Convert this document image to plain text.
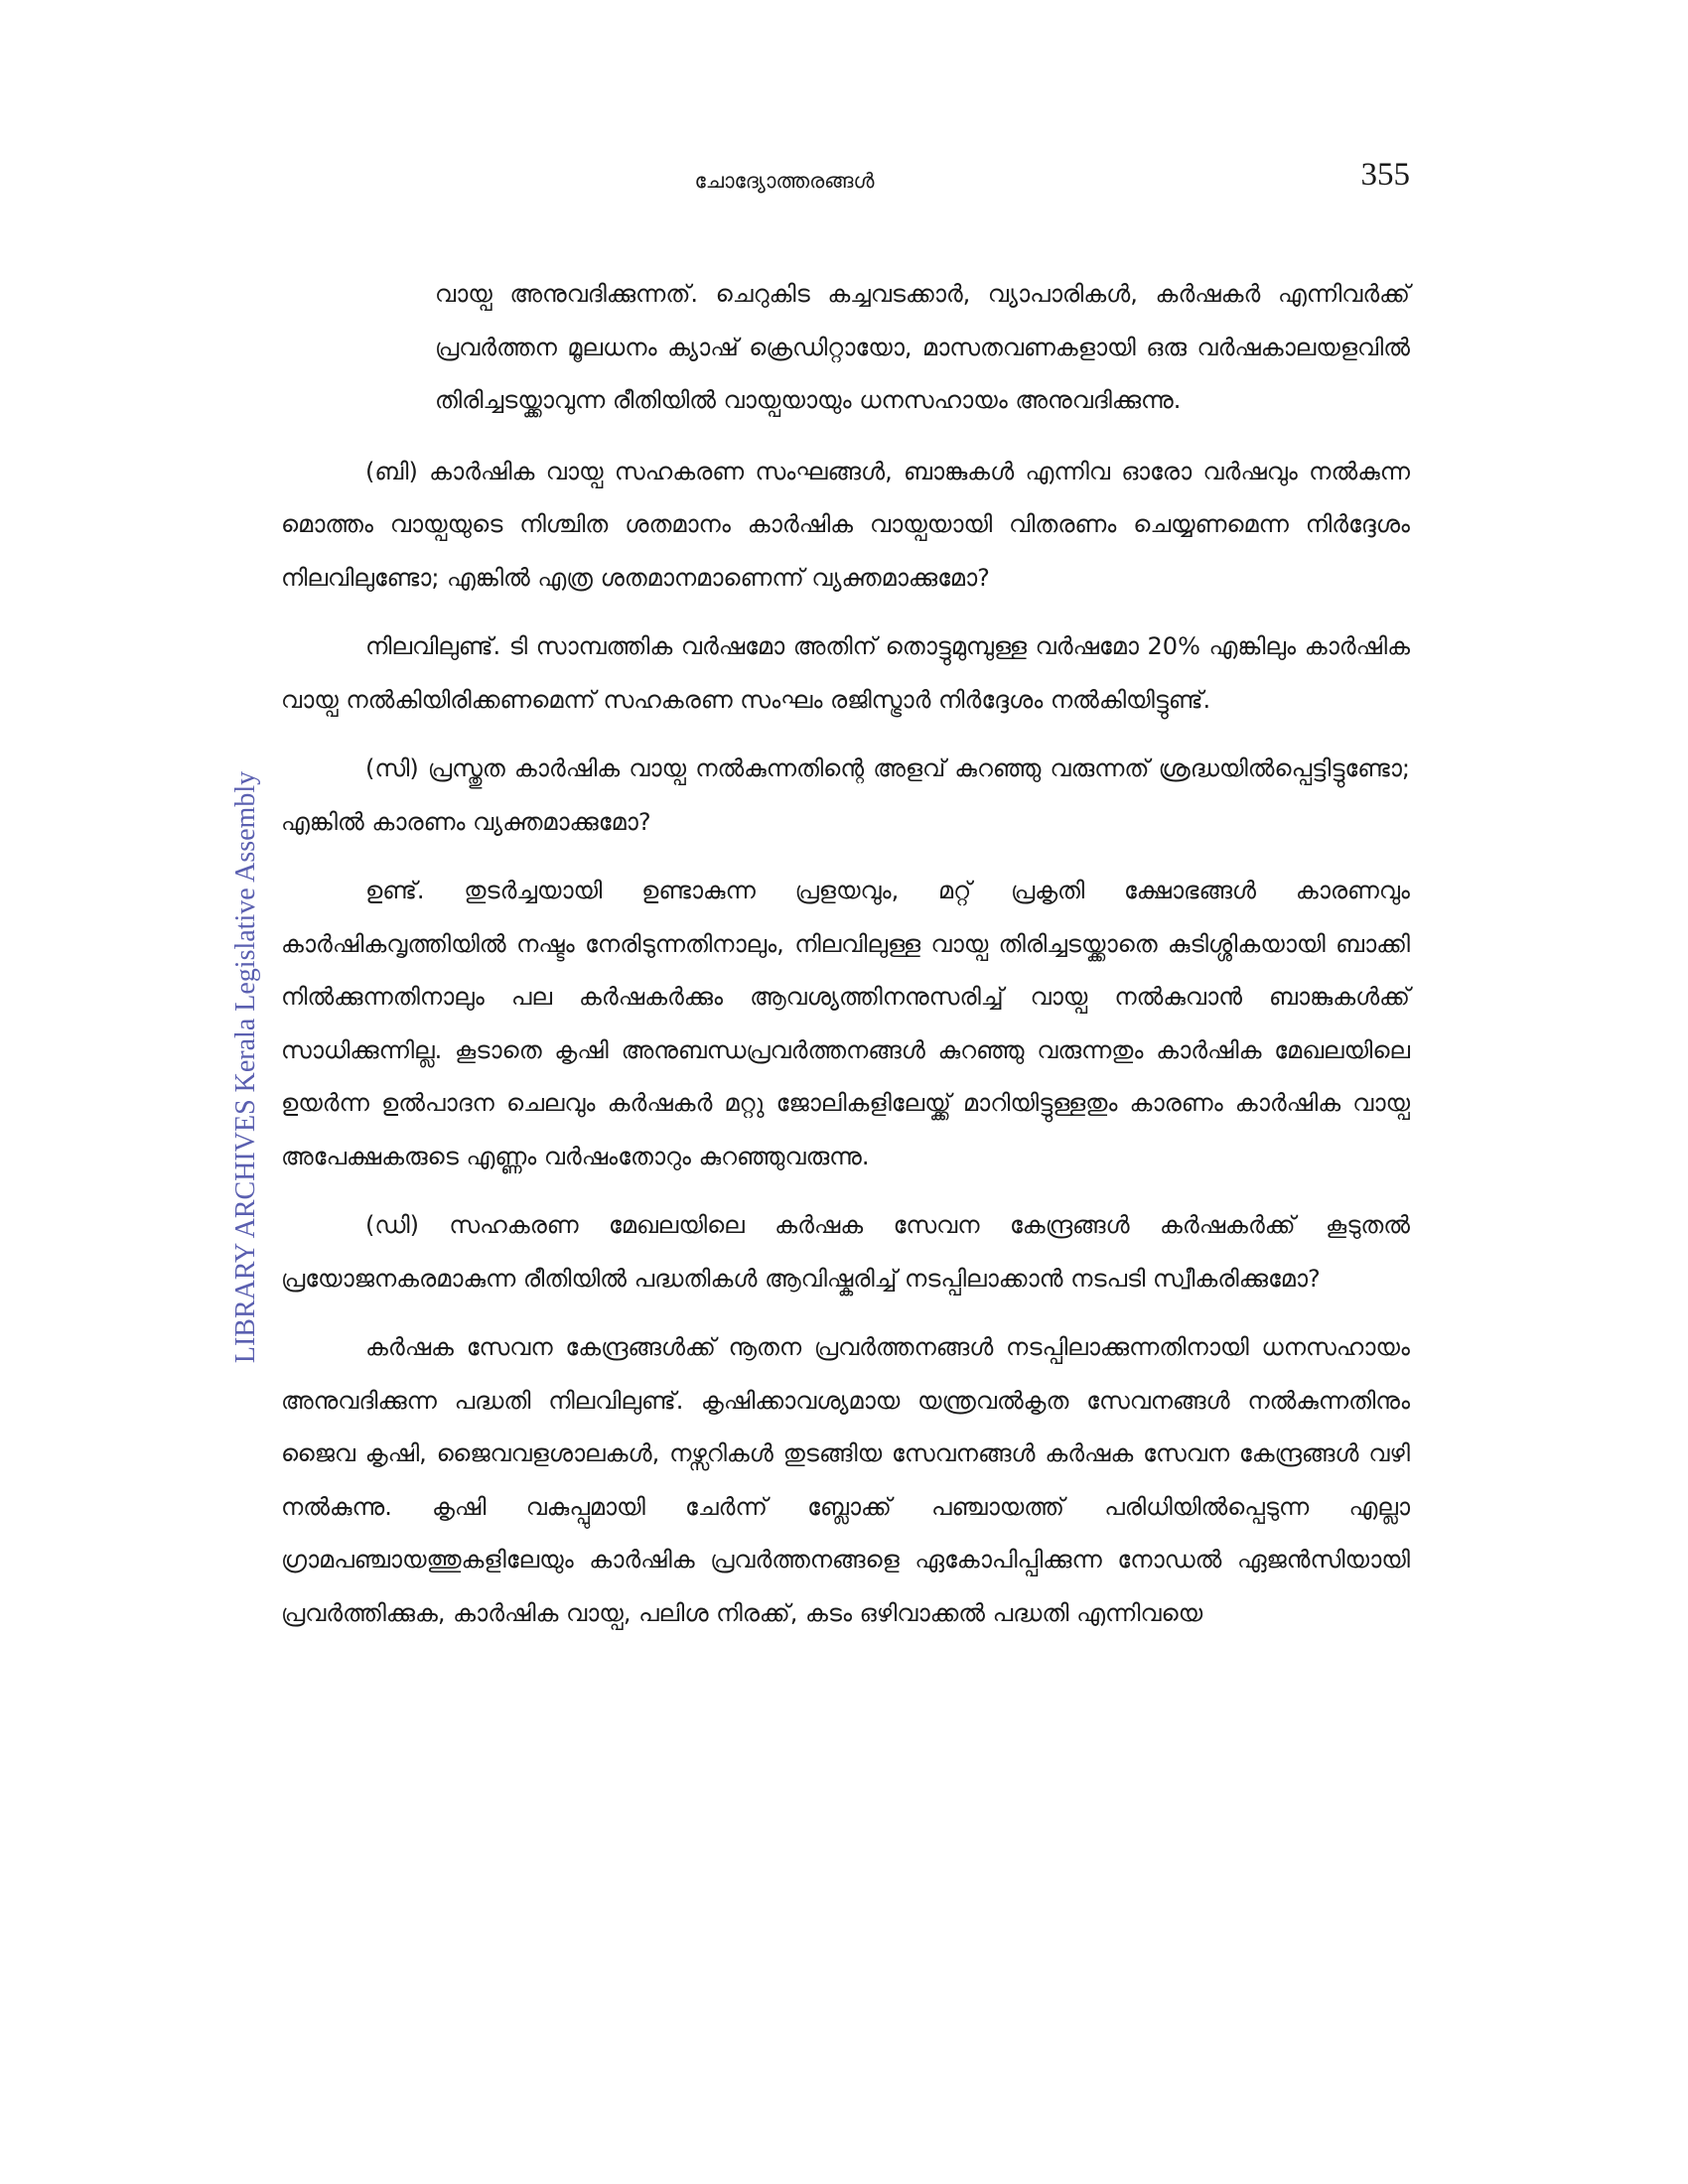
ചോദ്യോത്തരങ്ങൾ	355
LIBRARY ARCHIVES Kerala Legislative Assembly

വായ്പ അനുവദിക്കുന്നത്. ചെറുകിട കച്ചവടക്കാർ, വ്യാപാരികൾ, കർഷകർ എന്നിവർക്ക് പ്രവർത്തന മൂലധനം ക്യാഷ് ക്രെഡിറ്റായോ, മാസതവണകളായി ഒരു വർഷകാലയളവിൽ തിരിച്ചടയ്ക്കാവുന്ന രീതിയിൽ വായ്പയായും ധനസഹായം അനുവദിക്കുന്നു.

(ബി) കാർഷിക വായ്പ സഹകരണ സംഘങ്ങൾ, ബാങ്കുകൾ എന്നിവ ഓരോ വർഷവും നൽകുന്ന മൊത്തം വായ്പയുടെ നിശ്ചിത ശതമാനം കാർഷിക വായ്പയായി വിതരണം ചെയ്യണമെന്ന നിർദ്ദേശം നിലവിലുണ്ടോ; എങ്കിൽ എത്ര ശതമാനമാണെന്ന് വ്യക്തമാക്കുമോ?

നിലവിലുണ്ട്. ടി സാമ്പത്തിക വർഷമോ അതിന് തൊട്ടുമുമ്പുള്ള വർഷമോ 20% എങ്കിലും കാർഷിക വായ്പ നൽകിയിരിക്കണമെന്ന് സഹകരണ സംഘം രജിസ്ട്രാർ നിർദ്ദേശം നൽകിയിട്ടുണ്ട്.

(സി) പ്രസ്തുത കാർഷിക വായ്പ നൽകുന്നതിന്റെ അളവ് കുറഞ്ഞു വരുന്നത് ശ്രദ്ധയിൽപ്പെട്ടിട്ടുണ്ടോ; എങ്കിൽ കാരണം വ്യക്തമാക്കുമോ?

ഉണ്ട്. തുടർച്ചയായി ഉണ്ടാകുന്ന പ്രളയവും, മറ്റ് പ്രകൃതി ക്ഷോഭങ്ങൾ കാരണവും കാർഷികവൃത്തിയിൽ നഷ്ടം നേരിടുന്നതിനാലും, നിലവിലുള്ള വായ്പ തിരിച്ചടയ്ക്കാതെ കുടിശ്ശികയായി ബാക്കി നിൽക്കുന്നതിനാലും പല കർഷകർക്കും ആവശ്യത്തിനനുസരിച്ച് വായ്പ നൽകുവാൻ ബാങ്കുകൾക്ക് സാധിക്കുന്നില്ല. കൂടാതെ കൃഷി അനുബന്ധപ്രവർത്തനങ്ങൾ കുറഞ്ഞു വരുന്നതും കാർഷിക മേഖലയിലെ ഉയർന്ന ഉൽപാദന ചെലവും കർഷകർ മറ്റു ജോലികളിലേയ്ക്ക് മാറിയിട്ടുള്ളതും കാരണം കാർഷിക വായ്പ അപേക്ഷകരുടെ എണ്ണം വർഷംതോറും കുറഞ്ഞുവരുന്നു.

(ഡി) സഹകരണ മേഖലയിലെ കർഷക സേവന കേന്ദ്രങ്ങൾ കർഷകർക്ക് കൂടുതൽ പ്രയോജനകരമാകുന്ന രീതിയിൽ പദ്ധതികൾ ആവിഷ്കരിച്ച് നടപ്പിലാക്കാൻ നടപടി സ്വീകരിക്കുമോ?

കർഷക സേവന കേന്ദ്രങ്ങൾക്ക് നൂതന പ്രവർത്തനങ്ങൾ നടപ്പിലാക്കുന്നതിനായി ധനസഹായം അനുവദിക്കുന്ന പദ്ധതി നിലവിലുണ്ട്. കൃഷിക്കാവശ്യമായ യന്ത്രവൽകൃത സേവനങ്ങൾ നൽകുന്നതിനും ജൈവ കൃഷി, ജൈവവളശാലകൾ, നഴ്സറികൾ തുടങ്ങിയ സേവനങ്ങൾ കർഷക സേവന കേന്ദ്രങ്ങൾ വഴി നൽകുന്നു. കൃഷി വകുപ്പുമായി ചേർന്ന് ബ്ലോക്ക് പഞ്ചായത്ത് പരിധിയിൽപ്പെടുന്ന എല്ലാ ഗ്രാമപഞ്ചായത്തുകളിലേയും കാർഷിക പ്രവർത്തനങ്ങളെ ഏകോപിപ്പിക്കുന്ന നോഡൽ ഏജൻസിയായി പ്രവർത്തിക്കുക, കാർഷിക വായ്പ, പലിശ നിരക്ക്, കടം ഒഴിവാക്കൽ പദ്ധതി എന്നിവയെ
